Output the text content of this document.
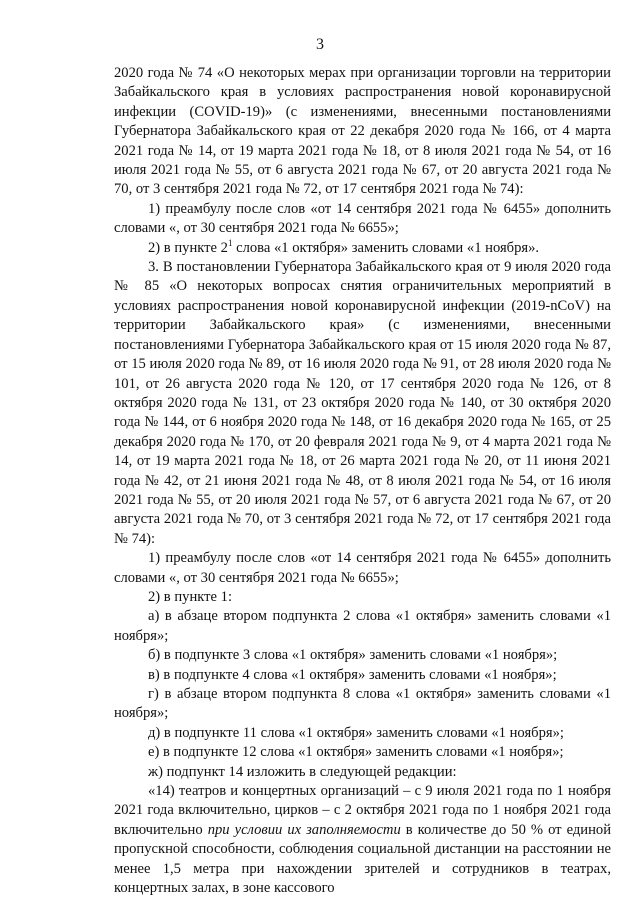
3

2020 года № 74 «О некоторых мерах при организации торговли на территории Забайкальского края в условиях распространения новой коронавирусной инфекции (COVID-19)» (с изменениями, внесенными постановлениями Губернатора Забайкальского края от 22 декабря 2020 года № 166, от 4 марта 2021 года № 14, от 19 марта 2021 года № 18, от 8 июля 2021 года № 54, от 16 июля 2021 года № 55, от 6 августа 2021 года № 67, от 20 августа 2021 года № 70, от 3 сентября 2021 года № 72, от 17 сентября 2021 года № 74):

1) преамбулу после слов «от 14 сентября 2021 года № 6455» дополнить словами «, от 30 сентября 2021 года № 6655»;

2) в пункте $2^1$ слова «1 октября» заменить словами «1 ноября».

3. В постановлении Губернатора Забайкальского края от 9 июля 2020 года № 85 «О некоторых вопросах снятия ограничительных мероприятий в условиях распространения новой коронавирусной инфекции (2019-nCoV) на территории Забайкальского края» (с изменениями, внесенными постановлениями Губернатора Забайкальского края от 15 июля 2020 года № 87, от 15 июля 2020 года № 89, от 16 июля 2020 года № 91, от 28 июля 2020 года № 101, от 26 августа 2020 года № 120, от 17 сентября 2020 года № 126, от 8 октября 2020 года № 131, от 23 октября 2020 года № 140, от 30 октября 2020 года № 144, от 6 ноября 2020 года № 148, от 16 декабря 2020 года № 165, от 25 декабря 2020 года № 170, от 20 февраля 2021 года № 9, от 4 марта 2021 года № 14, от 19 марта 2021 года № 18, от 26 марта 2021 года № 20, от 11 июня 2021 года № 42, от 21 июня 2021 года № 48, от 8 июля 2021 года № 54, от 16 июля 2021 года № 55, от 20 июля 2021 года № 57, от 6 августа 2021 года № 67, от 20 августа 2021 года № 70, от 3 сентября 2021 года № 72, от 17 сентября 2021 года № 74):

1) преамбулу после слов «от 14 сентября 2021 года № 6455» дополнить словами «, от 30 сентября 2021 года № 6655»;

2) в пункте 1:

а) в абзаце втором подпункта 2 слова «1 октября» заменить словами «1 ноября»;

б) в подпункте 3 слова «1 октября» заменить словами «1 ноября»;

в) в подпункте 4 слова «1 октября» заменить словами «1 ноября»;

г) в абзаце втором подпункта 8 слова «1 октября» заменить словами «1 ноября»;

д) в подпункте 11 слова «1 октября» заменить словами «1 ноября»;

е) в подпункте 12 слова «1 октября» заменить словами «1 ноября»;

ж) подпункт 14 изложить в следующей редакции:

«14) театров и концертных организаций – с 9 июля 2021 года по 1 ноября 2021 года включительно, цирков – с 2 октября 2021 года по 1 ноября 2021 года включительно при условии их заполняемости в количестве до 50 % от единой пропускной способности, соблюдения социальной дистанции на расстоянии не менее 1,5 метра при нахождении зрителей и сотрудников в театрах, концертных залах, в зоне кассового
